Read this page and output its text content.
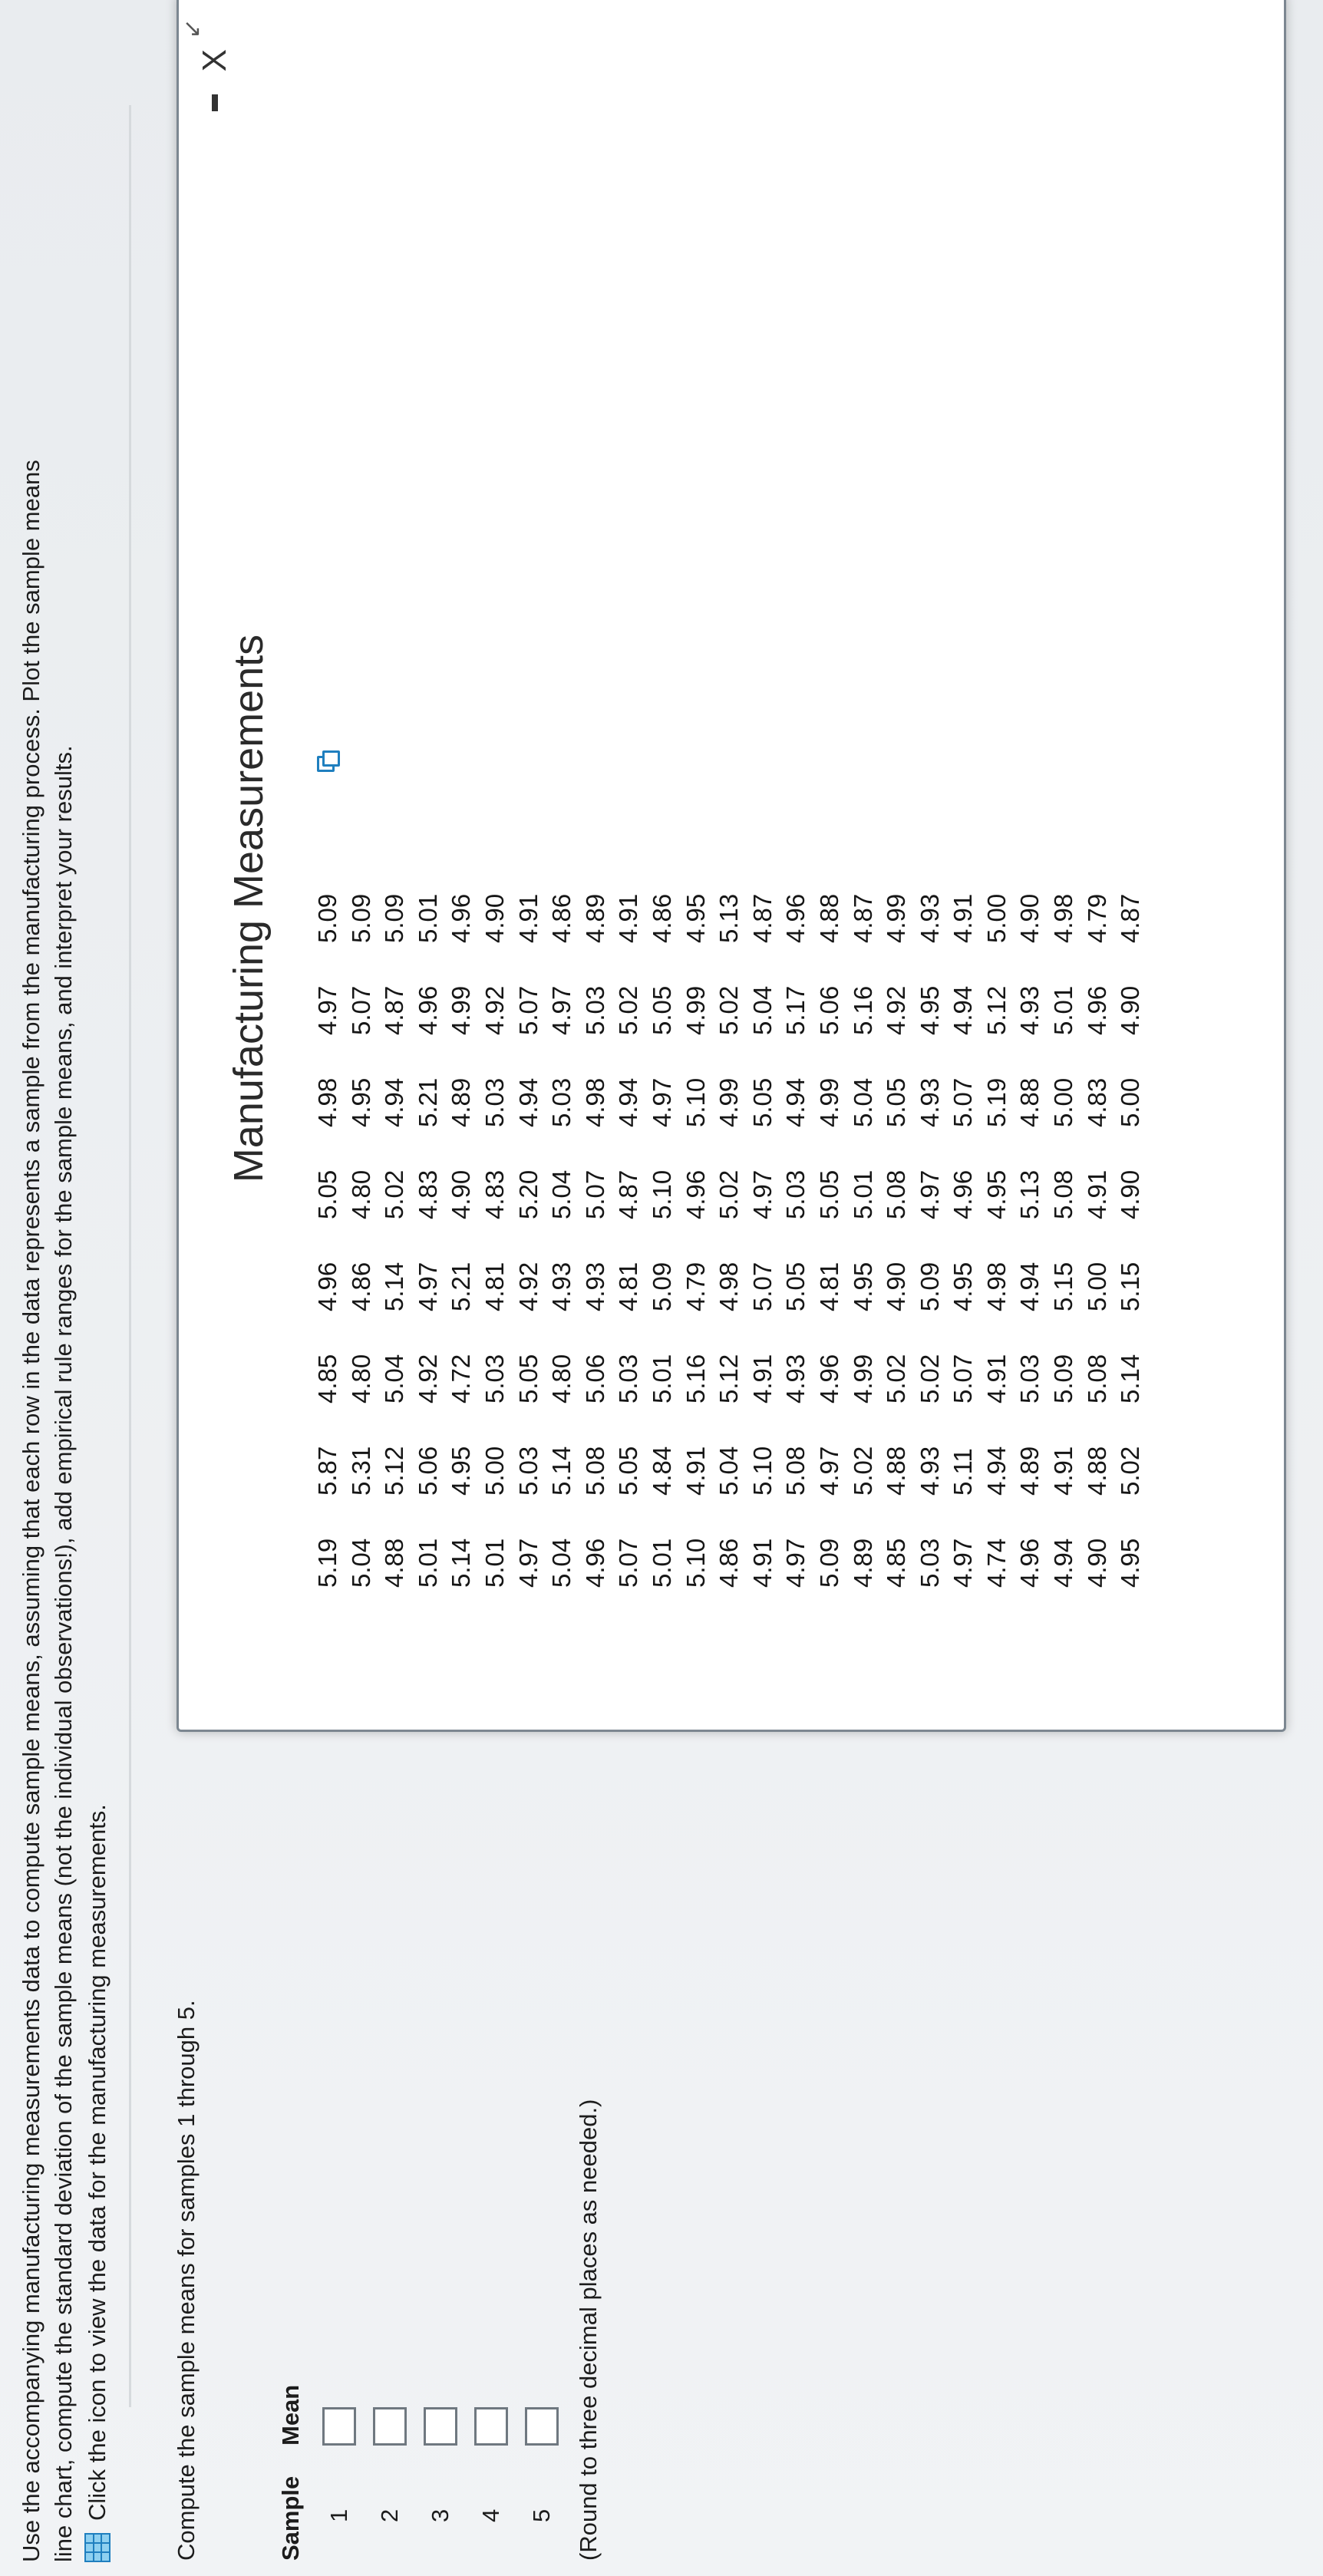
Use the accompanying manufacturing measurements data to compute sample means, assuming that each row in the data represents a sample from the manufacturing process. Plot the sample means line chart, compute the standard deviation of the sample means (not the individual observations!), add empirical rule ranges for the sample means, and interpret your results. Click the icon to view the data for the manufacturing measurements.	Compute the sample means for samples 1 through 5.	Sample
Mean
1 2 3 4 5 (Round to three decimal places as needed.)
↙
X
Manufacturing Measurements
5.19
5.87
4.85
4.96
5.05
4.98
4.97
5.09
5.04
5.31
4.80
4.86
4.80
4.95
5.07
5.09
4.88
5.12
5.04
5.14
5.02
4.94
4.87
5.09
5.01
5.06
4.92
4.97
4.83
5.21
4.96
5.01
5.14
4.95
4.72
5.21
4.90
4.89
4.99
4.96
5.01
5.00
5.03
4.81
4.83
5.03
4.92
4.90
4.97
5.03
5.05
4.92
5.20
4.94
5.07
4.91
5.04
5.14
4.80
4.93
5.04
5.03
4.97
4.86
4.96
5.08
5.06
4.93
5.07
4.98
5.03
4.89
5.07
5.05
5.03
4.81
4.87
4.94
5.02
4.91
5.01
4.84
5.01
5.09
5.10
4.97
5.05
4.86
5.10
4.91
5.16
4.79
4.96
5.10
4.99
4.95
4.86
5.04
5.12
4.98
5.02
4.99
5.02
5.13
4.91
5.10
4.91
5.07
4.97
5.05
5.04
4.87
4.97
5.08
4.93
5.05
5.03
4.94
5.17
4.96
5.09
4.97
4.96
4.81
5.05
4.99
5.06
4.88
4.89
5.02
4.99
4.95
5.01
5.04
5.16
4.87
4.85
4.88
5.02
4.90
5.08
5.05
4.92
4.99
5.03
4.93
5.02
5.09
4.97
4.93
4.95
4.93
4.97
5.11
5.07
4.95
4.96
5.07
4.94
4.91
4.74
4.94
4.91
4.98
4.95
5.19
5.12
5.00
4.96
4.89
5.03
4.94
5.13
4.88
4.93
4.90
4.94
4.91
5.09
5.15
5.08
5.00
5.01
4.98
4.90
4.88
5.08
5.00
4.91
4.83
4.96
4.79
4.95
5.02
5.14
5.15
4.90
5.00
4.90
4.87
